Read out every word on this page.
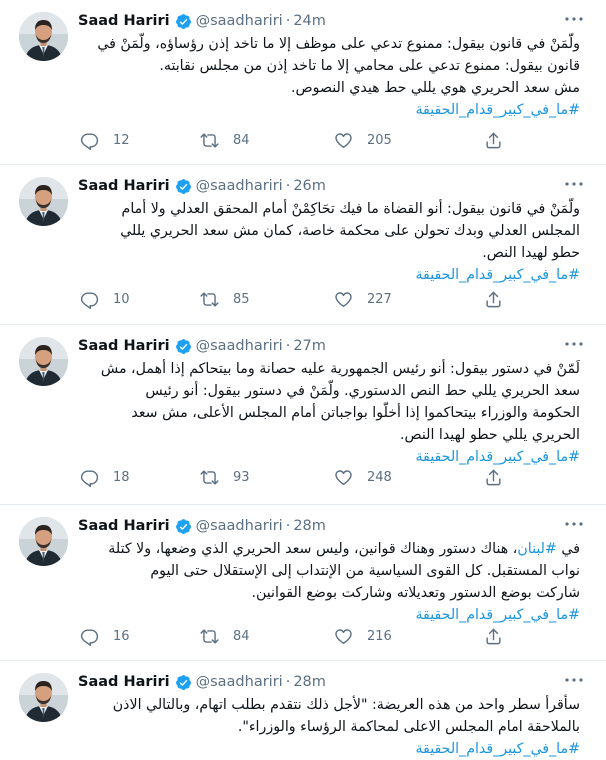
Saad Hariri @saadhariri · 24m
ولّمَنْ في قانون بيقول: ممنوع تدعي على موظف إلا ما تاخد إذن رؤساؤه، ولّمَنْ في
قانون بيقول: ممنوع تدعي على محامي إلا ما تاخد إذن من مجلس نقابته.
مش سعد الحريري هوي يللي حط هيدي النصوص.
#ما_في_كبير_قدام_الحقيقة
12	84	205
Saad Hariri @saadhariri · 26m
ولّمَنْ في قانون بيقول: أنو القضاة ما فيك تحَاكِمْنْ أمام المحقق العدلي ولا أمام
المجلس العدلي وبدك تحولن على محكمة خاصة، كمان مش سعد الحريري يللي
حطو لهيدا النص.
#ما_في_كبير_قدام_الحقيقة
10	85	227
Saad Hariri @saadhariri · 27m
لَمّنْ في دستور بيقول: أنو رئيس الجمهورية عليه حصانة وما بيتحاكم إذا أهمل، مش
سعد الحريري يللي حط النص الدستوري. ولّمَنْ في دستور بيقول: أنو رئيس
الحكومة والوزراء بيتحاكموا إذا أخلّوا بواجباتن أمام المجلس الأعلى، مش سعد
الحريري يللي حطو لهيدا النص.
#ما_في_كبير_قدام_الحقيقة
18	93	248
Saad Hariri @saadhariri · 28m
في #لبنان، هناك دستور وهناك قوانين، وليس سعد الحريري الذي وضعها، ولا كتلة
نواب المستقبل. كل القوى السياسية من الإنتداب إلى الإستقلال حتى اليوم
شاركت بوضع الدستور وتعديلاته وشاركت بوضع القوانين.
#ما_في_كبير_قدام_الحقيقة
16	84	216
Saad Hariri @saadhariri · 28m
سأقرأ سطر واحد من هذه العريضة: "لأجل ذلك نتقدم بطلب اتهام، وبالتالي الاذن
بالملاحقة امام المجلس الاعلى لمحاكمة الرؤساء والوزراء".
#ما_في_كبير_قدام_الحقيقة
